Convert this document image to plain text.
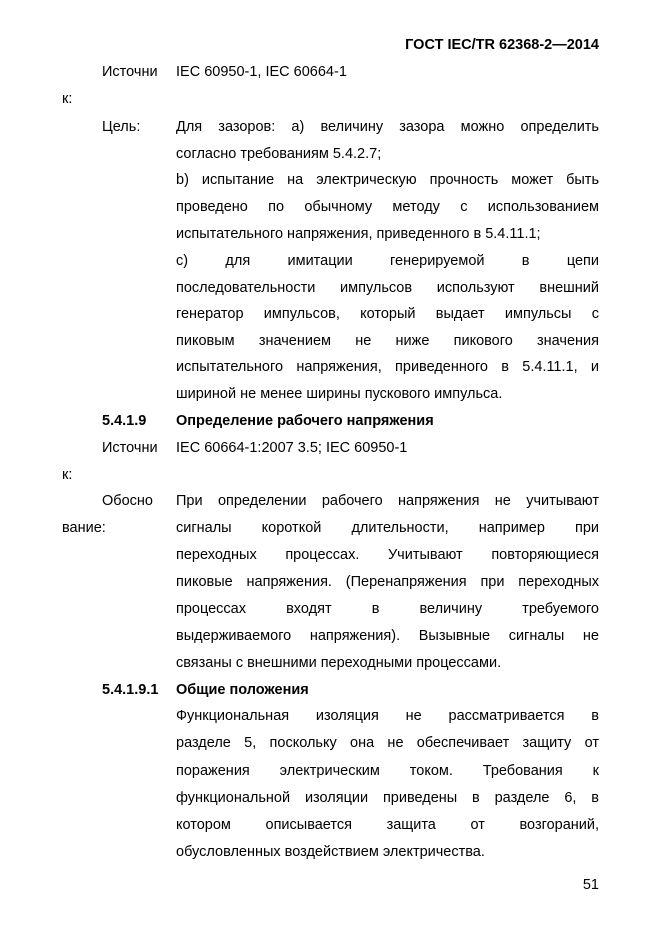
ГОСТ IEC/TR 62368-2—2014
Источни IEC 60950-1, IEC 60664-1
к:
Цель: Для зазоров: а) величину зазора можно определить
согласно требованиям 5.4.2.7;
b) испытание на электрическую прочность может быть
проведено по обычному методу с использованием
испытательного напряжения, приведенного в 5.4.11.1;
с) для имитации генерируемой в цепи
последовательности импульсов используют внешний
генератор импульсов, который выдает импульсы с
пиковым значением не ниже пикового значения
испытательного напряжения, приведенного в 5.4.11.1, и
шириной не менее ширины пускового импульса.
5.4.1.9 Определение рабочего напряжения
Источни IEC 60664-1:2007 3.5; IEC 60950-1
к:
Обосно
вание:
При определении рабочего напряжения не учитывают
сигналы короткой длительности, например при
переходных процессах. Учитывают повторяющиеся
пиковые напряжения. (Перенапряжения при переходных
процессах входят в величину требуемого
выдерживаемого напряжения). Вызывные сигналы не
связаны с внешними переходными процессами.
5.4.1.9.1 Общие положения
Функциональная изоляция не рассматривается в
разделе 5, поскольку она не обеспечивает защиту от
поражения электрическим током. Требования к
функциональной изоляции приведены в разделе 6, в
котором описывается защита от возгораний,
обусловленных воздействием электричества.
51
